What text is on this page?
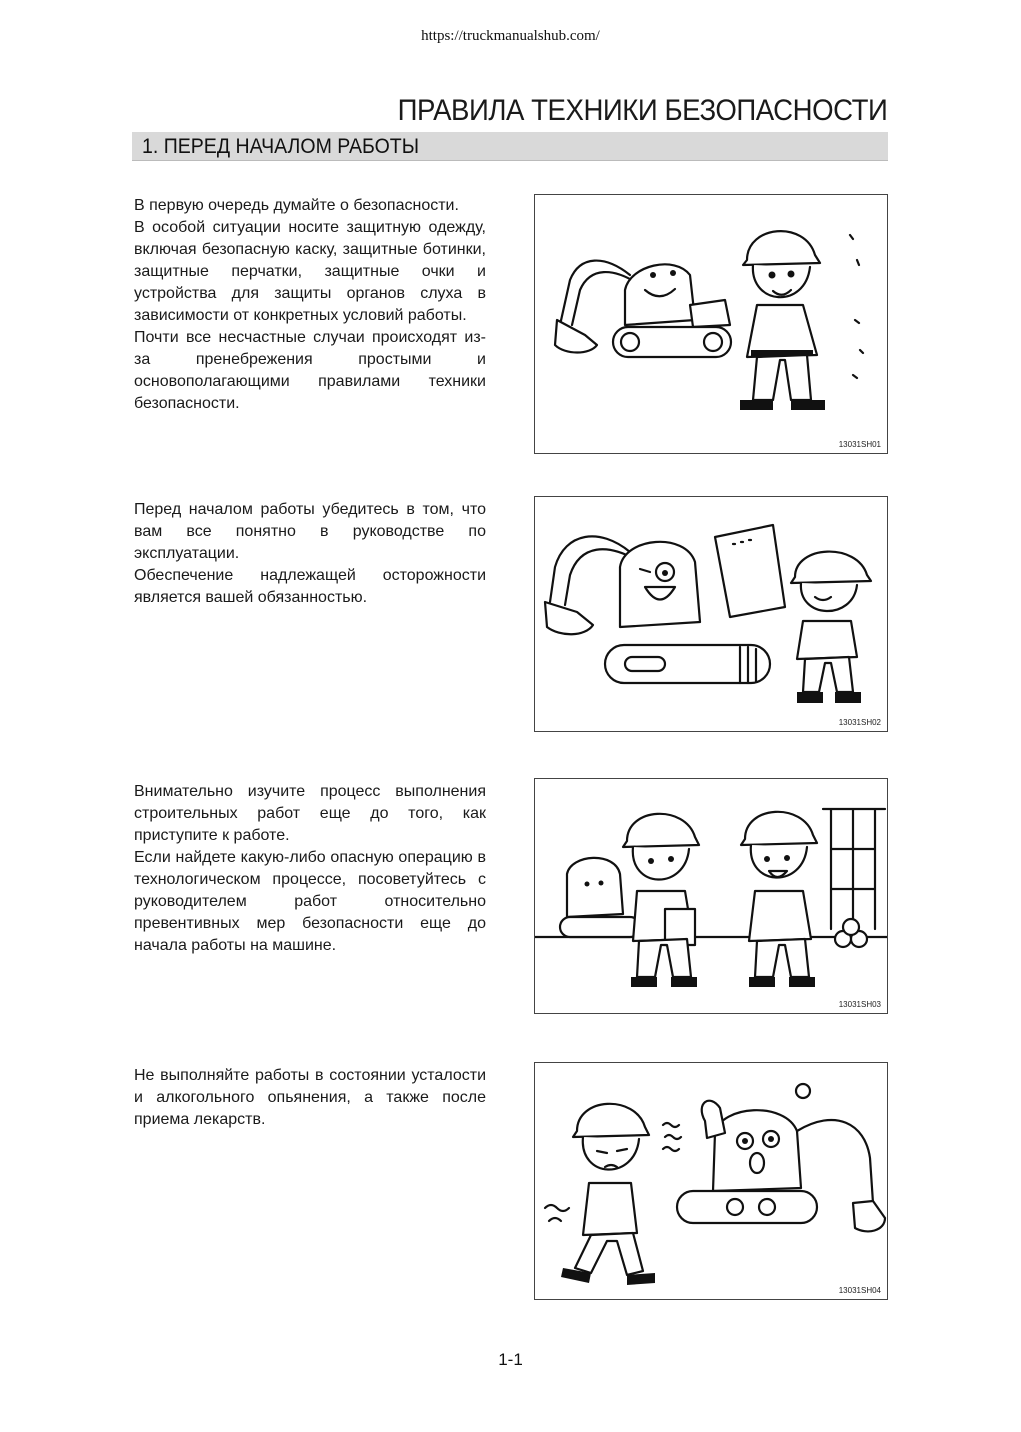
https://truckmanualshub.com/
ПРАВИЛА ТЕХНИКИ БЕЗОПАСНОСТИ
1. ПЕРЕД НАЧАЛОМ РАБОТЫ

В первую очередь думайте о безопасности.

В особой ситуации носите защитную одежду, включая безопасную каску, защитные ботинки, защитные перчатки, защитные очки и устройства для защиты органов слуха в зависимости от конкретных условий работы.

Почти все несчастные случаи происходят из-за пренебрежения простыми и основополагающими правилами техники безопасности.

13031SH01

Перед началом работы убедитесь в том, что вам все понятно в руководстве по эксплуатации.

Обеспечение надлежащей осторожности является вашей обязанностью.

13031SH02

Внимательно изучите процесс выполнения строительных работ еще до того, как приступите к работе.

Если найдете какую-либо опасную операцию в технологическом процессе, посоветуйтесь с руководителем работ относительно превентивных мер безопасности еще до начала работы на машине.

13031SH03

Не выполняйте работы в состоянии усталости и алкогольного опьянения, а также после приема лекарств.

13031SH04
1-1
